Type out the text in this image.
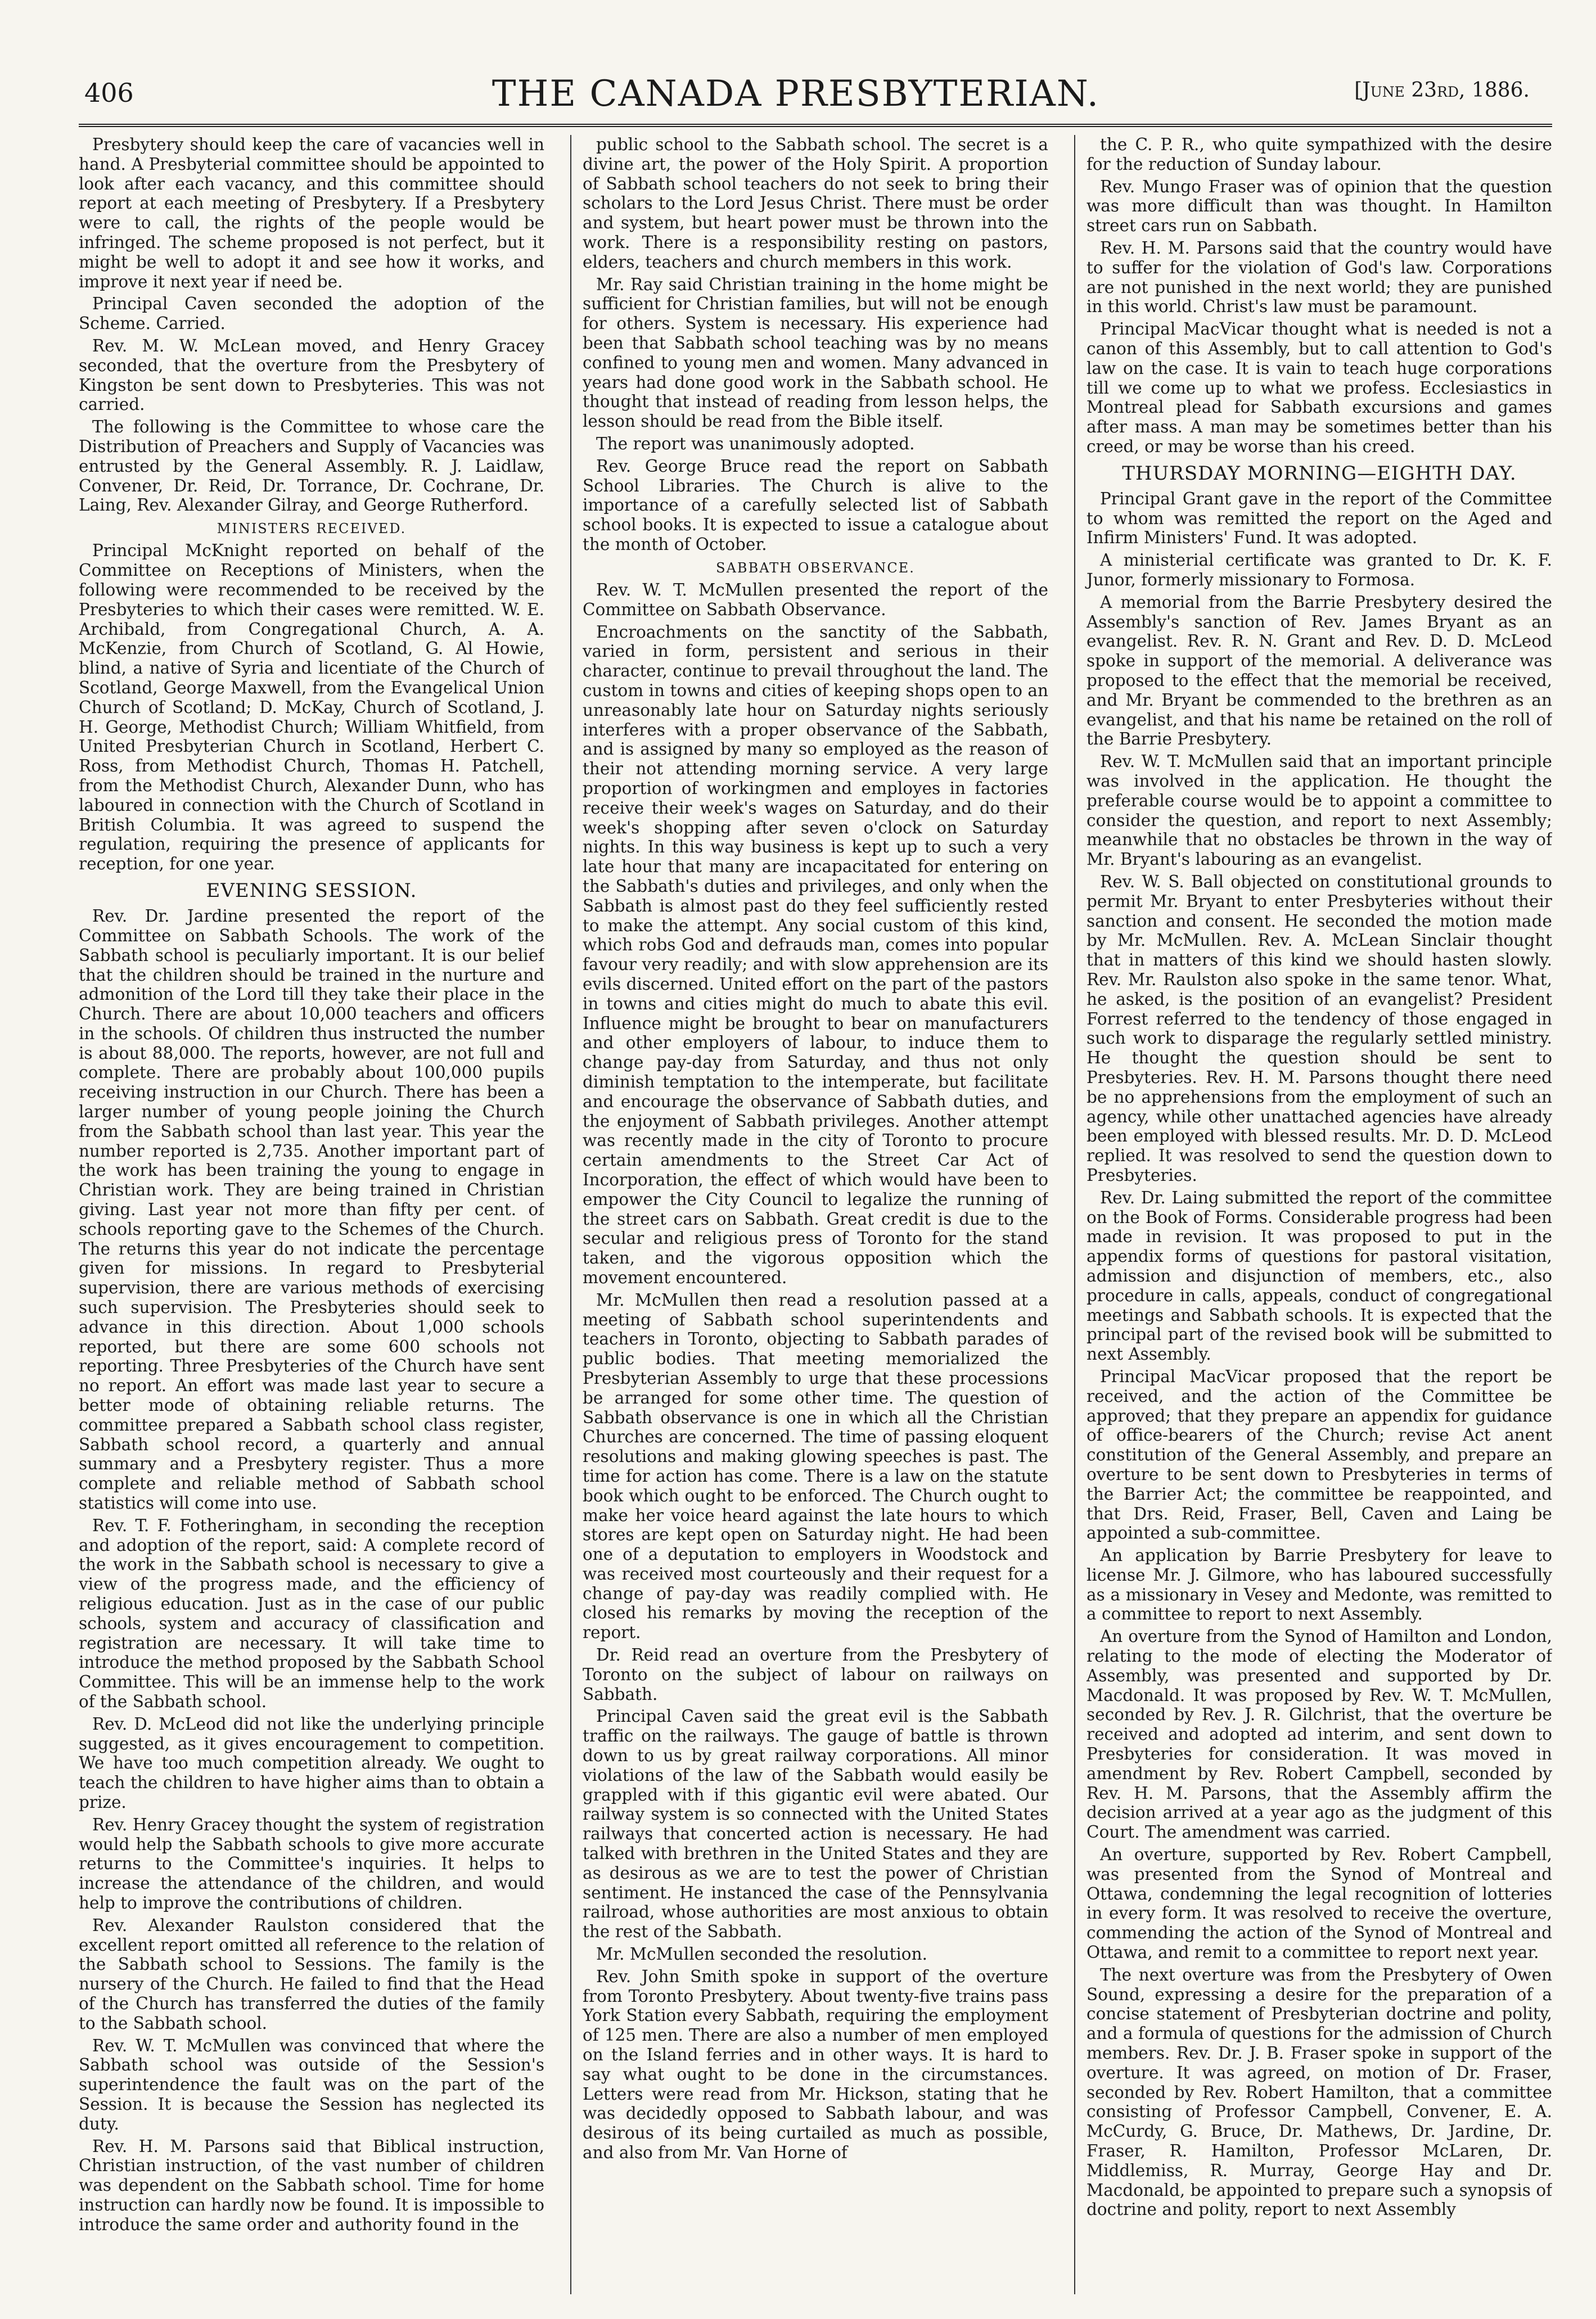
406	THE CANADA PRESBYTERIAN.	[June 23rd, 1886.

Presbytery should keep the care of vacancies well in hand. A Presbyterial committee should be appointed to look after each vacancy, and this committee should report at each meeting of Presbytery. If a Presbytery were to call, the rights of the people would be infringed. The scheme proposed is not perfect, but it might be well to adopt it and see how it works, and improve it next year if need be.

Principal Caven seconded the adoption of the Scheme. Carried.

Rev. M. W. McLean moved, and Henry Gracey seconded, that the overture from the Presbytery of Kingston be sent down to Presbyteries. This was not carried.

The following is the Committee to whose care the Distribution of Preachers and Supply of Vacancies was entrusted by the General Assembly. R. J. Laidlaw, Convener, Dr. Reid, Dr. Torrance, Dr. Cochrane, Dr. Laing, Rev. Alexander Gilray, and George Rutherford.

MINISTERS RECEIVED.

Principal McKnight reported on behalf of the Committee on Receptions of Ministers, when the following were recommended to be received by the Presbyteries to which their cases were remitted. W. E. Archibald, from Congregational Church, A. A. McKenzie, from Church of Scotland, G. Al Howie, blind, a native of Syria and licentiate of the Church of Scotland, George Maxwell, from the Evangelical Union Church of Scotland; D. McKay, Church of Scotland, J. H. George, Methodist Church; William Whitfield, from United Presbyterian Church in Scotland, Herbert C. Ross, from Methodist Church, Thomas H. Patchell, from the Methodist Church, Alexander Dunn, who has laboured in connection with the Church of Scotland in British Columbia. It was agreed to suspend the regulation, requiring the presence of applicants for reception, for one year.

EVENING SESSION.

Rev. Dr. Jardine presented the report of the Committee on Sabbath Schools. The work of the Sabbath school is peculiarly important. It is our belief that the children should be trained in the nurture and admonition of the Lord till they take their place in the Church. There are about 10,000 teachers and officers in the schools. Of children thus instructed the number is about 88,000. The reports, however, are not full and complete. There are probably about 100,000 pupils receiving instruction in our Church. There has been a larger number of young people joining the Church from the Sabbath school than last year. This year the number reported is 2,735. Another important part of the work has been training the young to engage in Christian work. They are being trained in Christian giving. Last year not more than fifty per cent. of schools reporting gave to the Schemes of the Church. The returns this year do not indicate the percentage given for missions. In regard to Presbyterial supervision, there are various methods of exercising such supervision. The Presbyteries should seek to advance in this direction. About 1,000 schools reported, but there are some 600 schools not reporting. Three Presbyteries of the Church have sent no report. An effort was made last year to secure a better mode of obtaining reliable returns. The committee prepared a Sabbath school class register, Sabbath school record, a quarterly and annual summary and a Presbytery register. Thus a more complete and reliable method of Sabbath school statistics will come into use.

Rev. T. F. Fotheringham, in seconding the reception and adoption of the report, said: A complete record of the work in the Sabbath school is necessary to give a view of the progress made, and the efficiency of religious education. Just as in the case of our public schools, system and accuracy of classification and registration are necessary. It will take time to introduce the method proposed by the Sabbath School Committee. This will be an immense help to the work of the Sabbath school.

Rev. D. McLeod did not like the underlying principle suggested, as it gives encouragement to competition. We have too much competition already. We ought to teach the children to have higher aims than to obtain a prize.

Rev. Henry Gracey thought the system of registration would help the Sabbath schools to give more accurate returns to the Committee's inquiries. It helps to increase the attendance of the children, and would help to improve the contributions of children.

Rev. Alexander Raulston considered that the excellent report omitted all reference to the relation of the Sabbath school to Sessions. The family is the nursery of the Church. He failed to find that the Head of the Church has transferred the duties of the family to the Sabbath school.

Rev. W. T. McMullen was convinced that where the Sabbath school was outside of the Session's superintendence the fault was on the part of the Session. It is because the Session has neglected its duty.

Rev. H. M. Parsons said that Biblical instruction, Christian instruction, of the vast number of children was dependent on the Sabbath school. Time for home instruction can hardly now be found. It is impossible to introduce the same order and authority found in the

public school to the Sabbath school. The secret is a divine art, the power of the Holy Spirit. A proportion of Sabbath school teachers do not seek to bring their scholars to the Lord Jesus Christ. There must be order and system, but heart power must be thrown into the work. There is a responsibility resting on pastors, elders, teachers and church members in this work.

Mr. Ray said Christian training in the home might be sufficient for Christian families, but will not be enough for others. System is necessary. His experience had been that Sabbath school teaching was by no means confined to young men and women. Many advanced in years had done good work in the Sabbath school. He thought that instead of reading from lesson helps, the lesson should be read from the Bible itself.

The report was unanimously adopted.

Rev. George Bruce read the report on Sabbath School Libraries. The Church is alive to the importance of a carefully selected list of Sabbath school books. It is expected to issue a catalogue about the month of October.

SABBATH OBSERVANCE.

Rev. W. T. McMullen presented the report of the Committee on Sabbath Observance.

Encroachments on the sanctity of the Sabbath, varied in form, persistent and serious in their character, continue to prevail throughout the land. The custom in towns and cities of keeping shops open to an unreasonably late hour on Saturday nights seriously interferes with a proper observance of the Sabbath, and is assigned by many so employed as the reason of their not attending morning service. A very large proportion of workingmen and employes in factories receive their week's wages on Saturday, and do their week's shopping after seven o'clock on Saturday nights. In this way business is kept up to such a very late hour that many are incapacitated for entering on the Sabbath's duties and privileges, and only when the Sabbath is almost past do they feel sufficiently rested to make the attempt. Any social custom of this kind, which robs God and defrauds man, comes into popular favour very readily; and with slow apprehension are its evils discerned. United effort on the part of the pastors in towns and cities might do much to abate this evil. Influence might be brought to bear on manufacturers and other employers of labour, to induce them to change pay-day from Saturday, and thus not only diminish temptation to the intemperate, but facilitate and encourage the observance of Sabbath duties, and the enjoyment of Sabbath privileges. Another attempt was recently made in the city of Toronto to procure certain amendments to the Street Car Act of Incorporation, the effect of which would have been to empower the City Council to legalize the running of the street cars on Sabbath. Great credit is due to the secular and religious press of Toronto for the stand taken, and the vigorous opposition which the movement encountered.

Mr. McMullen then read a resolution passed at a meeting of Sabbath school superintendents and teachers in Toronto, objecting to Sabbath parades of public bodies. That meeting memorialized the Presbyterian Assembly to urge that these processions be arranged for some other time. The question of Sabbath observance is one in which all the Christian Churches are concerned. The time of passing eloquent resolutions and making glowing speeches is past. The time for action has come. There is a law on the statute book which ought to be enforced. The Church ought to make her voice heard against the late hours to which stores are kept open on Saturday night. He had been one of a deputation to employers in Woodstock and was received most courteously and their request for a change of pay-day was readily complied with. He closed his remarks by moving the reception of the report.

Dr. Reid read an overture from the Presbytery of Toronto on the subject of labour on railways on Sabbath.

Principal Caven said the great evil is the Sabbath traffic on the railways. The gauge of battle is thrown down to us by great railway corporations. All minor violations of the law of the Sabbath would easily be grappled with if this gigantic evil were abated. Our railway system is so connected with the United States railways that concerted action is necessary. He had talked with brethren in the United States and they are as desirous as we are to test the power of Christian sentiment. He instanced the case of the Pennsylvania railroad, whose authorities are most anxious to obtain the rest of the Sabbath.

Mr. McMullen seconded the resolution.

Rev. John Smith spoke in support of the overture from Toronto Presbytery. About twenty-five trains pass York Station every Sabbath, requiring the employment of 125 men. There are also a number of men employed on the Island ferries and in other ways. It is hard to say what ought to be done in the circumstances. Letters were read from Mr. Hickson, stating that he was decidedly opposed to Sabbath labour, and was desirous of its being curtailed as much as possible, and also from Mr. Van Horne of

the C. P. R., who quite sympathized with the desire for the reduction of Sunday labour.

Rev. Mungo Fraser was of opinion that the question was more difficult than was thought. In Hamilton street cars run on Sabbath.

Rev. H. M. Parsons said that the country would have to suffer for the violation of God's law. Corporations are not punished in the next world; they are punished in this world. Christ's law must be paramount.

Principal MacVicar thought what is needed is not a canon of this Assembly, but to call attention to God's law on the case. It is vain to teach huge corporations till we come up to what we profess. Ecclesiastics in Montreal plead for Sabbath excursions and games after mass. A man may be sometimes better than his creed, or may be worse than his creed.

THURSDAY MORNING—EIGHTH DAY.

Principal Grant gave in the report of the Committee to whom was remitted the report on the Aged and Infirm Ministers' Fund. It was adopted.

A ministerial certificate was granted to Dr. K. F. Junor, formerly missionary to Formosa.

A memorial from the Barrie Presbytery desired the Assembly's sanction of Rev. James Bryant as an evangelist. Rev. R. N. Grant and Rev. D. D. McLeod spoke in support of the memorial. A deliverance was proposed to the effect that the memorial be received, and Mr. Bryant be commended to the brethren as an evangelist, and that his name be retained on the roll of the Barrie Presbytery.

Rev. W. T. McMullen said that an important principle was involved in the application. He thought the preferable course would be to appoint a committee to consider the question, and report to next Assembly; meanwhile that no obstacles be thrown in the way of Mr. Bryant's labouring as an evangelist.

Rev. W. S. Ball objected on constitutional grounds to permit Mr. Bryant to enter Presbyteries without their sanction and consent. He seconded the motion made by Mr. McMullen. Rev. A. McLean Sinclair thought that in matters of this kind we should hasten slowly. Rev. Mr. Raulston also spoke in the same tenor. What, he asked, is the position of an evangelist? President Forrest referred to the tendency of those engaged in such work to disparage the regularly settled ministry. He thought the question should be sent to Presbyteries. Rev. H. M. Parsons thought there need be no apprehensions from the employment of such an agency, while other unattached agencies have already been employed with blessed results. Mr. D. D. McLeod replied. It was resolved to send the question down to Presbyteries.

Rev. Dr. Laing submitted the report of the committee on the Book of Forms. Considerable progress had been made in revision. It was proposed to put in the appendix forms of questions for pastoral visitation, admission and disjunction of members, etc., also procedure in calls, appeals, conduct of congregational meetings and Sabbath schools. It is expected that the principal part of the revised book will be submitted to next Assembly.

Principal MacVicar proposed that the report be received, and the action of the Committee be approved; that they prepare an appendix for guidance of office-bearers of the Church; revise Act anent constitution of the General Assembly, and prepare an overture to be sent down to Presbyteries in terms of the Barrier Act; the committee be reappointed, and that Drs. Reid, Fraser, Bell, Caven and Laing be appointed a sub-committee.

An application by Barrie Presbytery for leave to license Mr. J. Gilmore, who has laboured successfully as a missionary in Vesey and Medonte, was remitted to a committee to report to next Assembly.

An overture from the Synod of Hamilton and London, relating to the mode of electing the Moderator of Assembly, was presented and supported by Dr. Macdonald. It was proposed by Rev. W. T. McMullen, seconded by Rev. J. R. Gilchrist, that the overture be received and adopted ad interim, and sent down to Presbyteries for consideration. It was moved in amendment by Rev. Robert Campbell, seconded by Rev. H. M. Parsons, that the Assembly affirm the decision arrived at a year ago as the judgment of this Court. The amendment was carried.

An overture, supported by Rev. Robert Campbell, was presented from the Synod of Montreal and Ottawa, condemning the legal recognition of lotteries in every form. It was resolved to receive the overture, commending the action of the Synod of Montreal and Ottawa, and remit to a committee to report next year.

The next overture was from the Presbytery of Owen Sound, expressing a desire for the preparation of a concise statement of Presbyterian doctrine and polity, and a formula of questions for the admission of Church members. Rev. Dr. J. B. Fraser spoke in support of the overture. It was agreed, on motion of Dr. Fraser, seconded by Rev. Robert Hamilton, that a committee consisting of Professor Campbell, Convener, E. A. McCurdy, G. Bruce, Dr. Mathews, Dr. Jardine, Dr. Fraser, R. Hamilton, Professor McLaren, Dr. Middlemiss, R. Murray, George Hay and Dr. Macdonald, be appointed to prepare such a synopsis of doctrine and polity, report to next Assembly
